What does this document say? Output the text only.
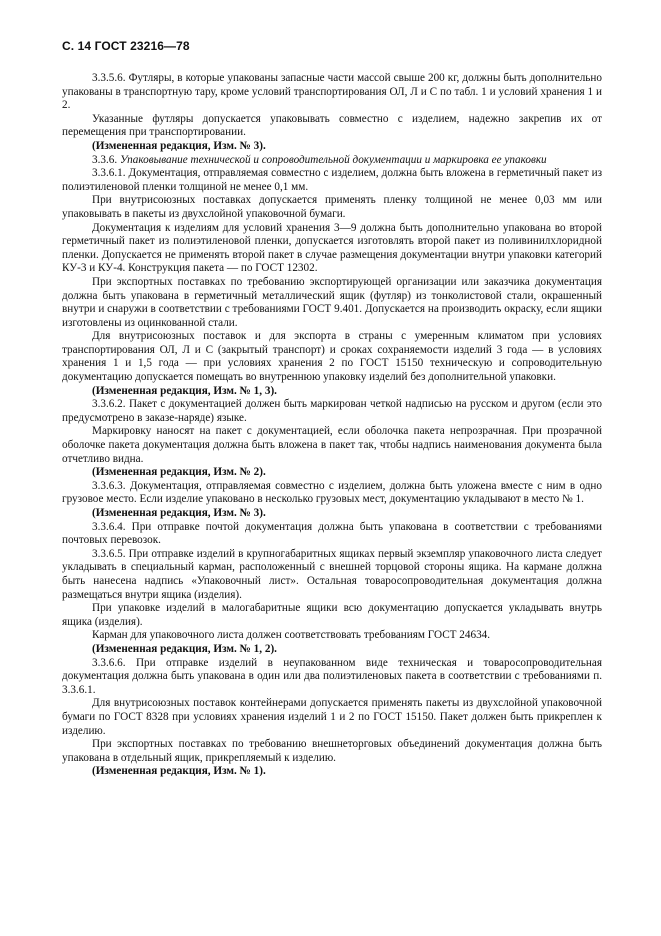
С. 14 ГОСТ 23216—78

3.3.5.6. Футляры, в которые упакованы запасные части массой свыше 200 кг, должны быть дополнительно упакованы в транспортную тару, кроме условий транспортирования ОЛ, Л и С по табл. 1 и условий хранения 1 и 2.

Указанные футляры допускается упаковывать совместно с изделием, надежно закрепив их от перемещения при транспортировании.

(Измененная редакция, Изм. № 3).

3.3.6. Упаковывание технической и сопроводительной документации и маркировка ее упаковки

3.3.6.1. Документация, отправляемая совместно с изделием, должна быть вложена в герметичный пакет из полиэтиленовой пленки толщиной не менее 0,1 мм.

При внутрисоюзных поставках допускается применять пленку толщиной не менее 0,03 мм или упаковывать в пакеты из двухслойной упаковочной бумаги.

Документация к изделиям для условий хранения 3—9 должна быть дополнительно упакована во второй герметичный пакет из полиэтиленовой пленки, допускается изготовлять второй пакет из поливинилхлоридной пленки. Допускается не применять второй пакет в случае размещения документации внутри упаковки категорий КУ-3 и КУ-4. Конструкция пакета — по ГОСТ 12302.

При экспортных поставках по требованию экспортирующей организации или заказчика документация должна быть упакована в герметичный металлический ящик (футляр) из тонколистовой стали, окрашенный внутри и снаружи в соответствии с требованиями ГОСТ 9.401. Допускается на производить окраску, если ящики изготовлены из оцинкованной стали.

Для внутрисоюзных поставок и для экспорта в страны с умеренным климатом при условиях транспортирования ОЛ, Л и С (закрытый транспорт) и сроках сохраняемости изделий 3 года — в условиях хранения 1 и 1,5 года — при условиях хранения 2 по ГОСТ 15150 техническую и сопроводительную документацию допускается помещать во внутреннюю упаковку изделий без дополнительной упаковки.

(Измененная редакция, Изм. № 1, 3).

3.3.6.2. Пакет с документацией должен быть маркирован четкой надписью на русском и другом (если это предусмотрено в заказе-наряде) языке.

Маркировку наносят на пакет с документацией, если оболочка пакета непрозрачная. При прозрачной оболочке пакета документация должна быть вложена в пакет так, чтобы надпись наименования документа была отчетливо видна.

(Измененная редакция, Изм. № 2).

3.3.6.3. Документация, отправляемая совместно с изделием, должна быть уложена вместе с ним в одно грузовое место. Если изделие упаковано в несколько грузовых мест, документацию укладывают в место № 1.

(Измененная редакция, Изм. № 3).

3.3.6.4. При отправке почтой документация должна быть упакована в соответствии с требованиями почтовых перевозок.

3.3.6.5. При отправке изделий в крупногабаритных ящиках первый экземпляр упаковочного листа следует укладывать в специальный карман, расположенный с внешней торцовой стороны ящика. На кармане должна быть нанесена надпись «Упаковочный лист». Остальная товаросопроводительная документация должна размещаться внутри ящика (изделия).

При упаковке изделий в малогабаритные ящики всю документацию допускается укладывать внутрь ящика (изделия).

Карман для упаковочного листа должен соответствовать требованиям ГОСТ 24634.

(Измененная редакция, Изм. № 1, 2).

3.3.6.6. При отправке изделий в неупакованном виде техническая и товаросопроводительная документация должна быть упакована в один или два полиэтиленовых пакета в соответствии с требованиями п. 3.3.6.1.

Для внутрисоюзных поставок контейнерами допускается применять пакеты из двухслойной упаковочной бумаги по ГОСТ 8328 при условиях хранения изделий 1 и 2 по ГОСТ 15150. Пакет должен быть прикреплен к изделию.

При экспортных поставках по требованию внешнеторговых объединений документация должна быть упакована в отдельный ящик, прикрепляемый к изделию.

(Измененная редакция, Изм. № 1).
